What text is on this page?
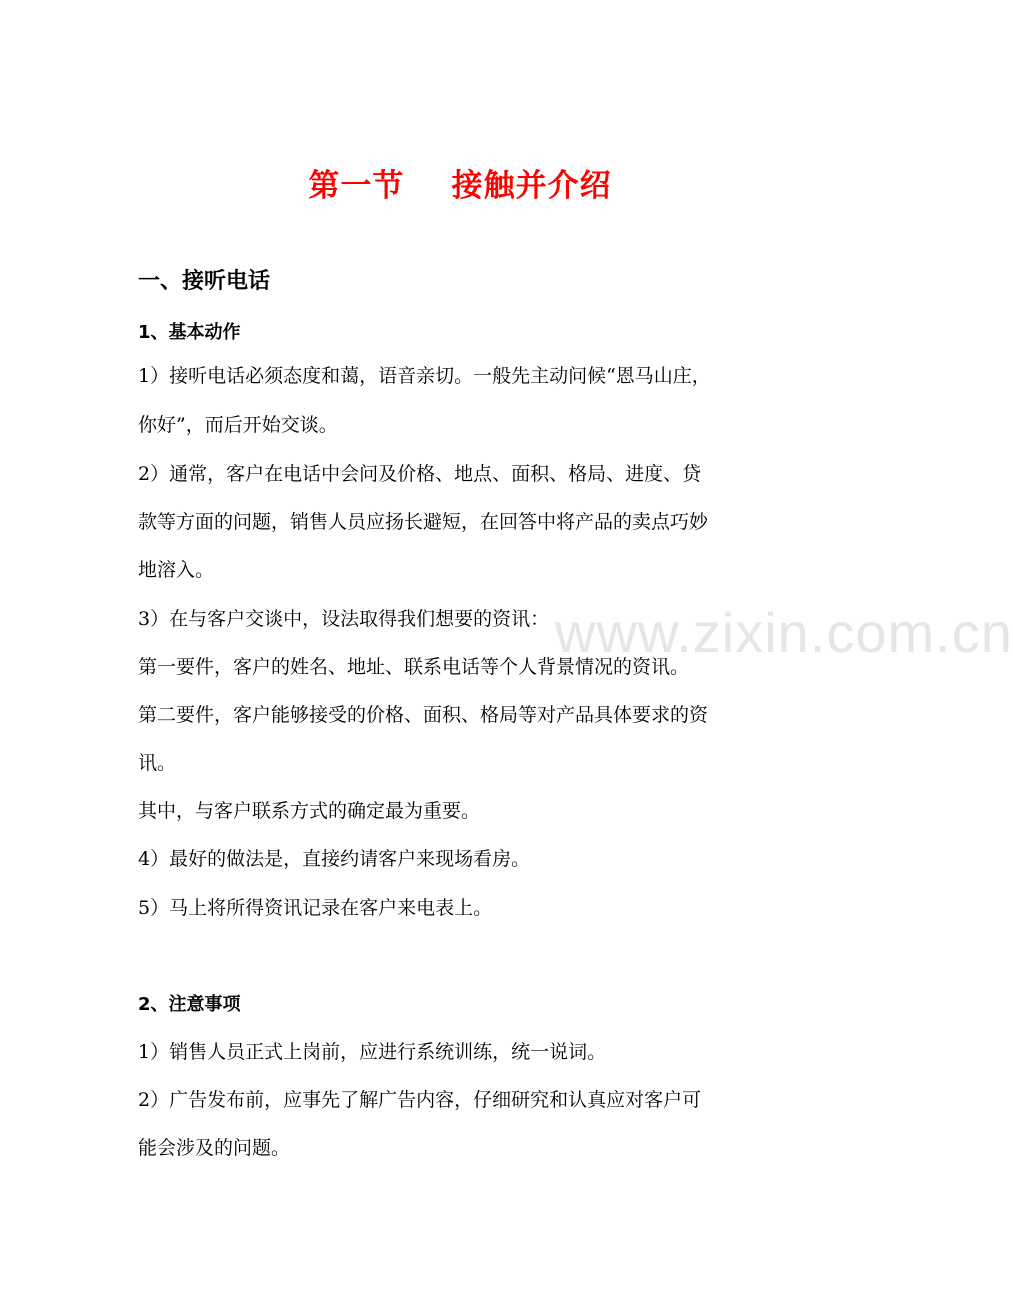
www.zixin.com.cn
第一节    接触并介绍
一、接听电话
1、基本动作
1）接听电话必须态度和蔼，语音亲切。一般先主动问候“恩马山庄，
你好”，而后开始交谈。
2）通常，客户在电话中会问及价格、地点、面积、格局、进度、贷
款等方面的问题，销售人员应扬长避短，在回答中将产品的卖点巧妙
地溶入。
3）在与客户交谈中，设法取得我们想要的资讯：
第一要件，客户的姓名、地址、联系电话等个人背景情况的资讯。
第二要件，客户能够接受的价格、面积、格局等对产品具体要求的资
讯。
其中，与客户联系方式的确定最为重要。
4）最好的做法是，直接约请客户来现场看房。
5）马上将所得资讯记录在客户来电表上。
2、注意事项
1）销售人员正式上岗前，应进行系统训练，统一说词。
2）广告发布前，应事先了解广告内容，仔细研究和认真应对客户可
能会涉及的问题。
